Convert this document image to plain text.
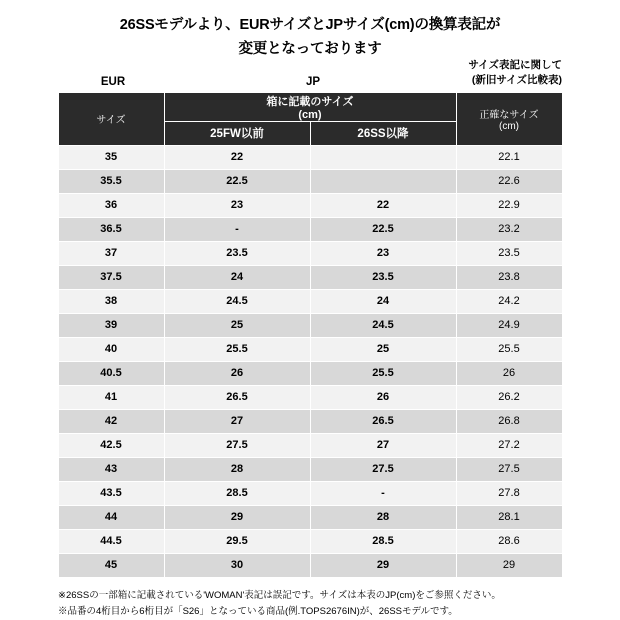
26SSモデルより、EURサイズとJPサイズ(cm)の換算表記が
変更となっております
EUR	JP
サイズ表記に関して(新旧サイズ比較表)
サイズ	
箱に記載のサイズ
(cm)	正確なサイズ
(cm)

	25FW以前	26SS以降	
35	22		22.1
35.5	22.5		22.6
36	23	22	22.9
36.5	-	22.5	23.2
37	23.5	23	23.5
37.5	24	23.5	23.8
38	24.5	24	24.2
39	25	24.5	24.9
40	25.5	25	25.5
40.5	26	25.5	26
41	26.5	26	26.2
42	27	26.5	26.8
42.5	27.5	27	27.2
43	28	27.5	27.5
43.5	28.5	-	27.8
44	29	28	28.1
44.5	29.5	28.5	28.6
45	30	29	29
※26SSの一部箱に記載されている'WOMAN'表記は誤記です。サイズは本表のJP(cm)をご参照ください。
※品番の4桁目から6桁目が「S26」となっている商品(例.TOPS2676IN)が、26SSモデルです。
